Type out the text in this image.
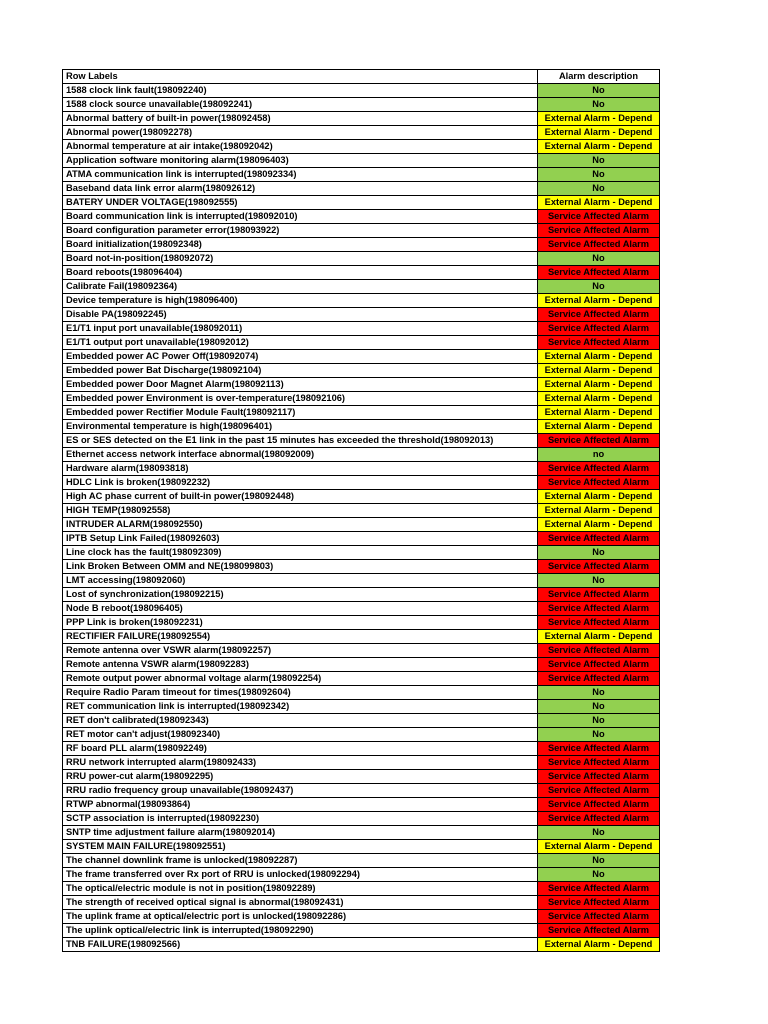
Row Labels	Alarm description
1588 clock link fault(198092240)	No
1588 clock source unavailable(198092241)	No
Abnormal battery of built-in power(198092458)	External Alarm - Depend
Abnormal power(198092278)	External Alarm - Depend
Abnormal temperature at air intake(198092042)	External Alarm - Depend
Application software monitoring alarm(198096403)	No
ATMA communication link is interrupted(198092334)	No
Baseband data link error alarm(198092612)	No
BATERY UNDER VOLTAGE(198092555)	External Alarm - Depend
Board communication link is interrupted(198092010)	Service Affected Alarm
Board configuration parameter error(198093922)	Service Affected Alarm
Board initialization(198092348)	Service Affected Alarm
Board not-in-position(198092072)	No
Board reboots(198096404)	Service Affected Alarm
Calibrate Fail(198092364)	No
Device temperature is high(198096400)	External Alarm - Depend
Disable PA(198092245)	Service Affected Alarm
E1/T1 input port unavailable(198092011)	Service Affected Alarm
E1/T1 output port unavailable(198092012)	Service Affected Alarm
Embedded power AC Power Off(198092074)	External Alarm - Depend
Embedded power Bat Discharge(198092104)	External Alarm - Depend
Embedded power Door Magnet Alarm(198092113)	External Alarm - Depend
Embedded power Environment is over-temperature(198092106)	External Alarm - Depend
Embedded power Rectifier Module Fault(198092117)	External Alarm - Depend
Environmental temperature is high(198096401)	External Alarm - Depend
ES or SES detected on the E1 link in the past 15 minutes has exceeded the threshold(198092013)	Service Affected Alarm
Ethernet access network interface abnormal(198092009)	no
Hardware alarm(198093818)	Service Affected Alarm
HDLC Link is broken(198092232)	Service Affected Alarm
High AC phase current of built-in power(198092448)	External Alarm - Depend
HIGH TEMP(198092558)	External Alarm - Depend
INTRUDER ALARM(198092550)	External Alarm - Depend
IPTB Setup Link Failed(198092603)	Service Affected Alarm
Line clock has the fault(198092309)	No
Link Broken Between OMM and NE(198099803)	Service Affected Alarm
LMT accessing(198092060)	No
Lost of synchronization(198092215)	Service Affected Alarm
Node B reboot(198096405)	Service Affected Alarm
PPP Link is broken(198092231)	Service Affected Alarm
RECTIFIER FAILURE(198092554)	External Alarm - Depend
Remote antenna over VSWR alarm(198092257)	Service Affected Alarm
Remote antenna VSWR alarm(198092283)	Service Affected Alarm
Remote output power abnormal voltage alarm(198092254)	Service Affected Alarm
Require Radio Param timeout for times(198092604)	No
RET communication link is interrupted(198092342)	No
RET don't calibrated(198092343)	No
RET motor can't adjust(198092340)	No
RF board PLL alarm(198092249)	Service Affected Alarm
RRU network interrupted alarm(198092433)	Service Affected Alarm
RRU power-cut alarm(198092295)	Service Affected Alarm
RRU radio frequency group unavailable(198092437)	Service Affected Alarm
RTWP abnormal(198093864)	Service Affected Alarm
SCTP association is interrupted(198092230)	Service Affected Alarm
SNTP time adjustment failure alarm(198092014)	No
SYSTEM MAIN FAILURE(198092551)	External Alarm - Depend
The channel downlink frame is unlocked(198092287)	No
The frame transferred over Rx port of RRU is unlocked(198092294)	No
The optical/electric module is not in position(198092289)	Service Affected Alarm
The strength of received optical signal is abnormal(198092431)	Service Affected Alarm
The uplink frame at optical/electric port is unlocked(198092286)	Service Affected Alarm
The uplink optical/electric link is interrupted(198092290)	Service Affected Alarm
TNB FAILURE(198092566)	External Alarm - Depend
